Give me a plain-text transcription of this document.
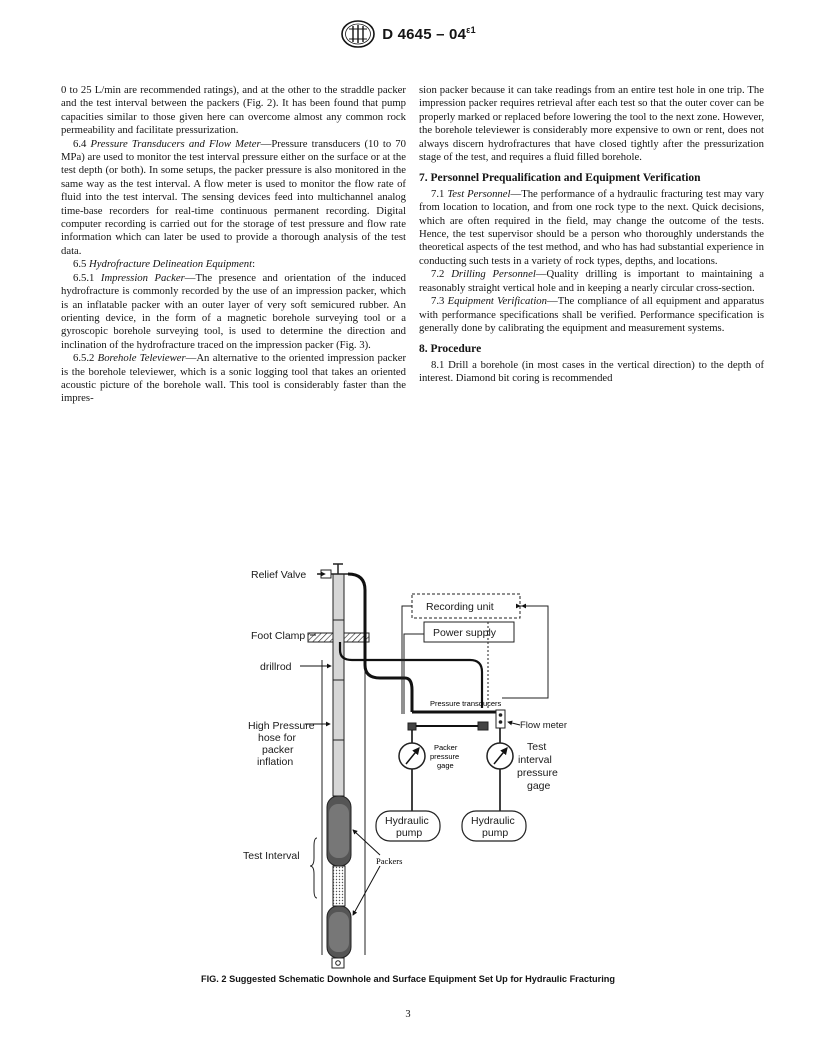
D $4645 - 04^{\varepsilon 1}$

0 to 25 L/min are recommended ratings), and at the other to the straddle packer and the test interval between the packers (Fig. 2). It has been found that pump capacities similar to those given here can overcome almost any common rock permeability and facilitate pressurization.

6.4 Pressure Transducers and Flow Meter—Pressure transducers (10 to 70 MPa) are used to monitor the test interval pressure either on the surface or at the test depth (or both). In some setups, the packer pressure is also monitored in the same way as the test interval. A flow meter is used to monitor the flow rate of fluid into the test interval. The sensing devices feed into multichannel analog time-base recorders for real-time continuous permanent recording. Digital computer recording is carried out for the storage of test pressure and flow rate information which can later be used to provide a thorough analysis of the test data.

6.5 Hydrofracture Delineation Equipment:

6.5.1 Impression Packer—The presence and orientation of the induced hydrofracture is commonly recorded by the use of an impression packer, which is an inflatable packer with an outer layer of very soft semicured rubber. An orienting device, in the form of a magnetic borehole surveying tool or a gyroscopic borehole surveying tool, is used to determine the direction and inclination of the hydrofracture traced on the impression packer (Fig. 3).

6.5.2 Borehole Televiewer—An alternative to the oriented impression packer is the borehole televiewer, which is a sonic logging tool that takes an oriented acoustic picture of the borehole wall. This tool is considerably faster than the impres-

sion packer because it can take readings from an entire test hole in one trip. The impression packer requires retrieval after each test so that the outer cover can be properly marked or replaced before lowering the tool to the next zone. However, the borehole televiewer is considerably more expensive to own or rent, does not always discern hydrofractures that have closed tightly after the pressurization stage of the test, and requires a fluid filled borehole.

7. Personnel Prequalification and Equipment Verification

7.1 Test Personnel—The performance of a hydraulic fracturing test may vary from location to location, and from one rock type to the next. Quick decisions, which are often required in the field, may change the outcome of the tests. Hence, the test supervisor should be a person who thoroughly understands the theoretical aspects of the test method, and who has had substantial experience in conducting such tests in a variety of rock types, depths, and locations.

7.2 Drilling Personnel—Quality drilling is important to maintaining a reasonably straight vertical hole and in keeping a nearly circular cross-section.

7.3 Equipment Verification—The compliance of all equipment and apparatus with performance specifications shall be verified. Performance specification is generally done by calibrating the equipment and measurement systems.

8. Procedure

8.1 Drill a borehole (in most cases in the vertical direction) to the depth of interest. Diamond bit coring is recommended

Relief Valve
Foot Clamp
drillrod
High Pressure
hose for
packer
inflation
Test Interval	Packers
Recording unit
Power supply
Pressure transducers
Flow meter
Packer
pressure
gage
Test
interval
pressure
gage
Hydraulic
pump
Hydraulic
pump
FIG. 2 Suggested Schematic Downhole and Surface Equipment Set Up for Hydraulic Fracturing
3
